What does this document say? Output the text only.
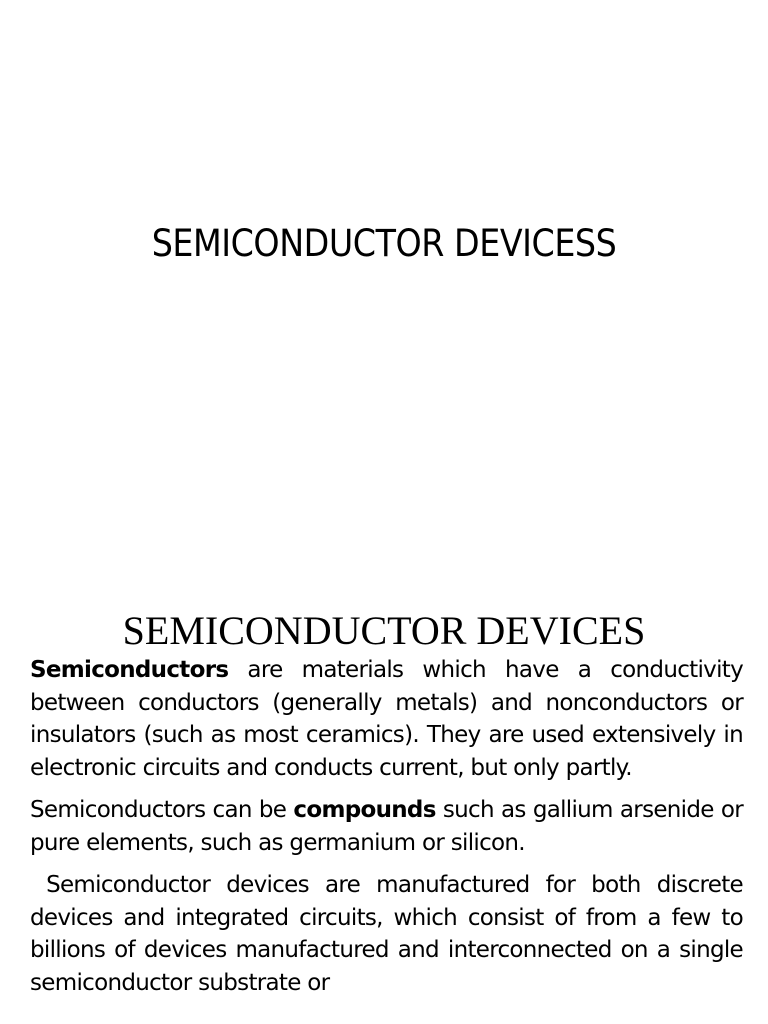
SEMICONDUCTOR DEVICESS
SEMICONDUCTOR DEVICES

Semiconductors are materials which have a conductivity between conductors (generally metals) and nonconductors or insulators (such as most ceramics). They are used extensively in electronic circuits and conducts current, but only partly.

Semiconductors can be compounds such as gallium arsenide or pure elements, such as germanium or silicon.

Semiconductor devices are manufactured for both discrete devices and integrated circuits, which consist of from a few to billions of devices manufactured and interconnected on a single semiconductor substrate or
